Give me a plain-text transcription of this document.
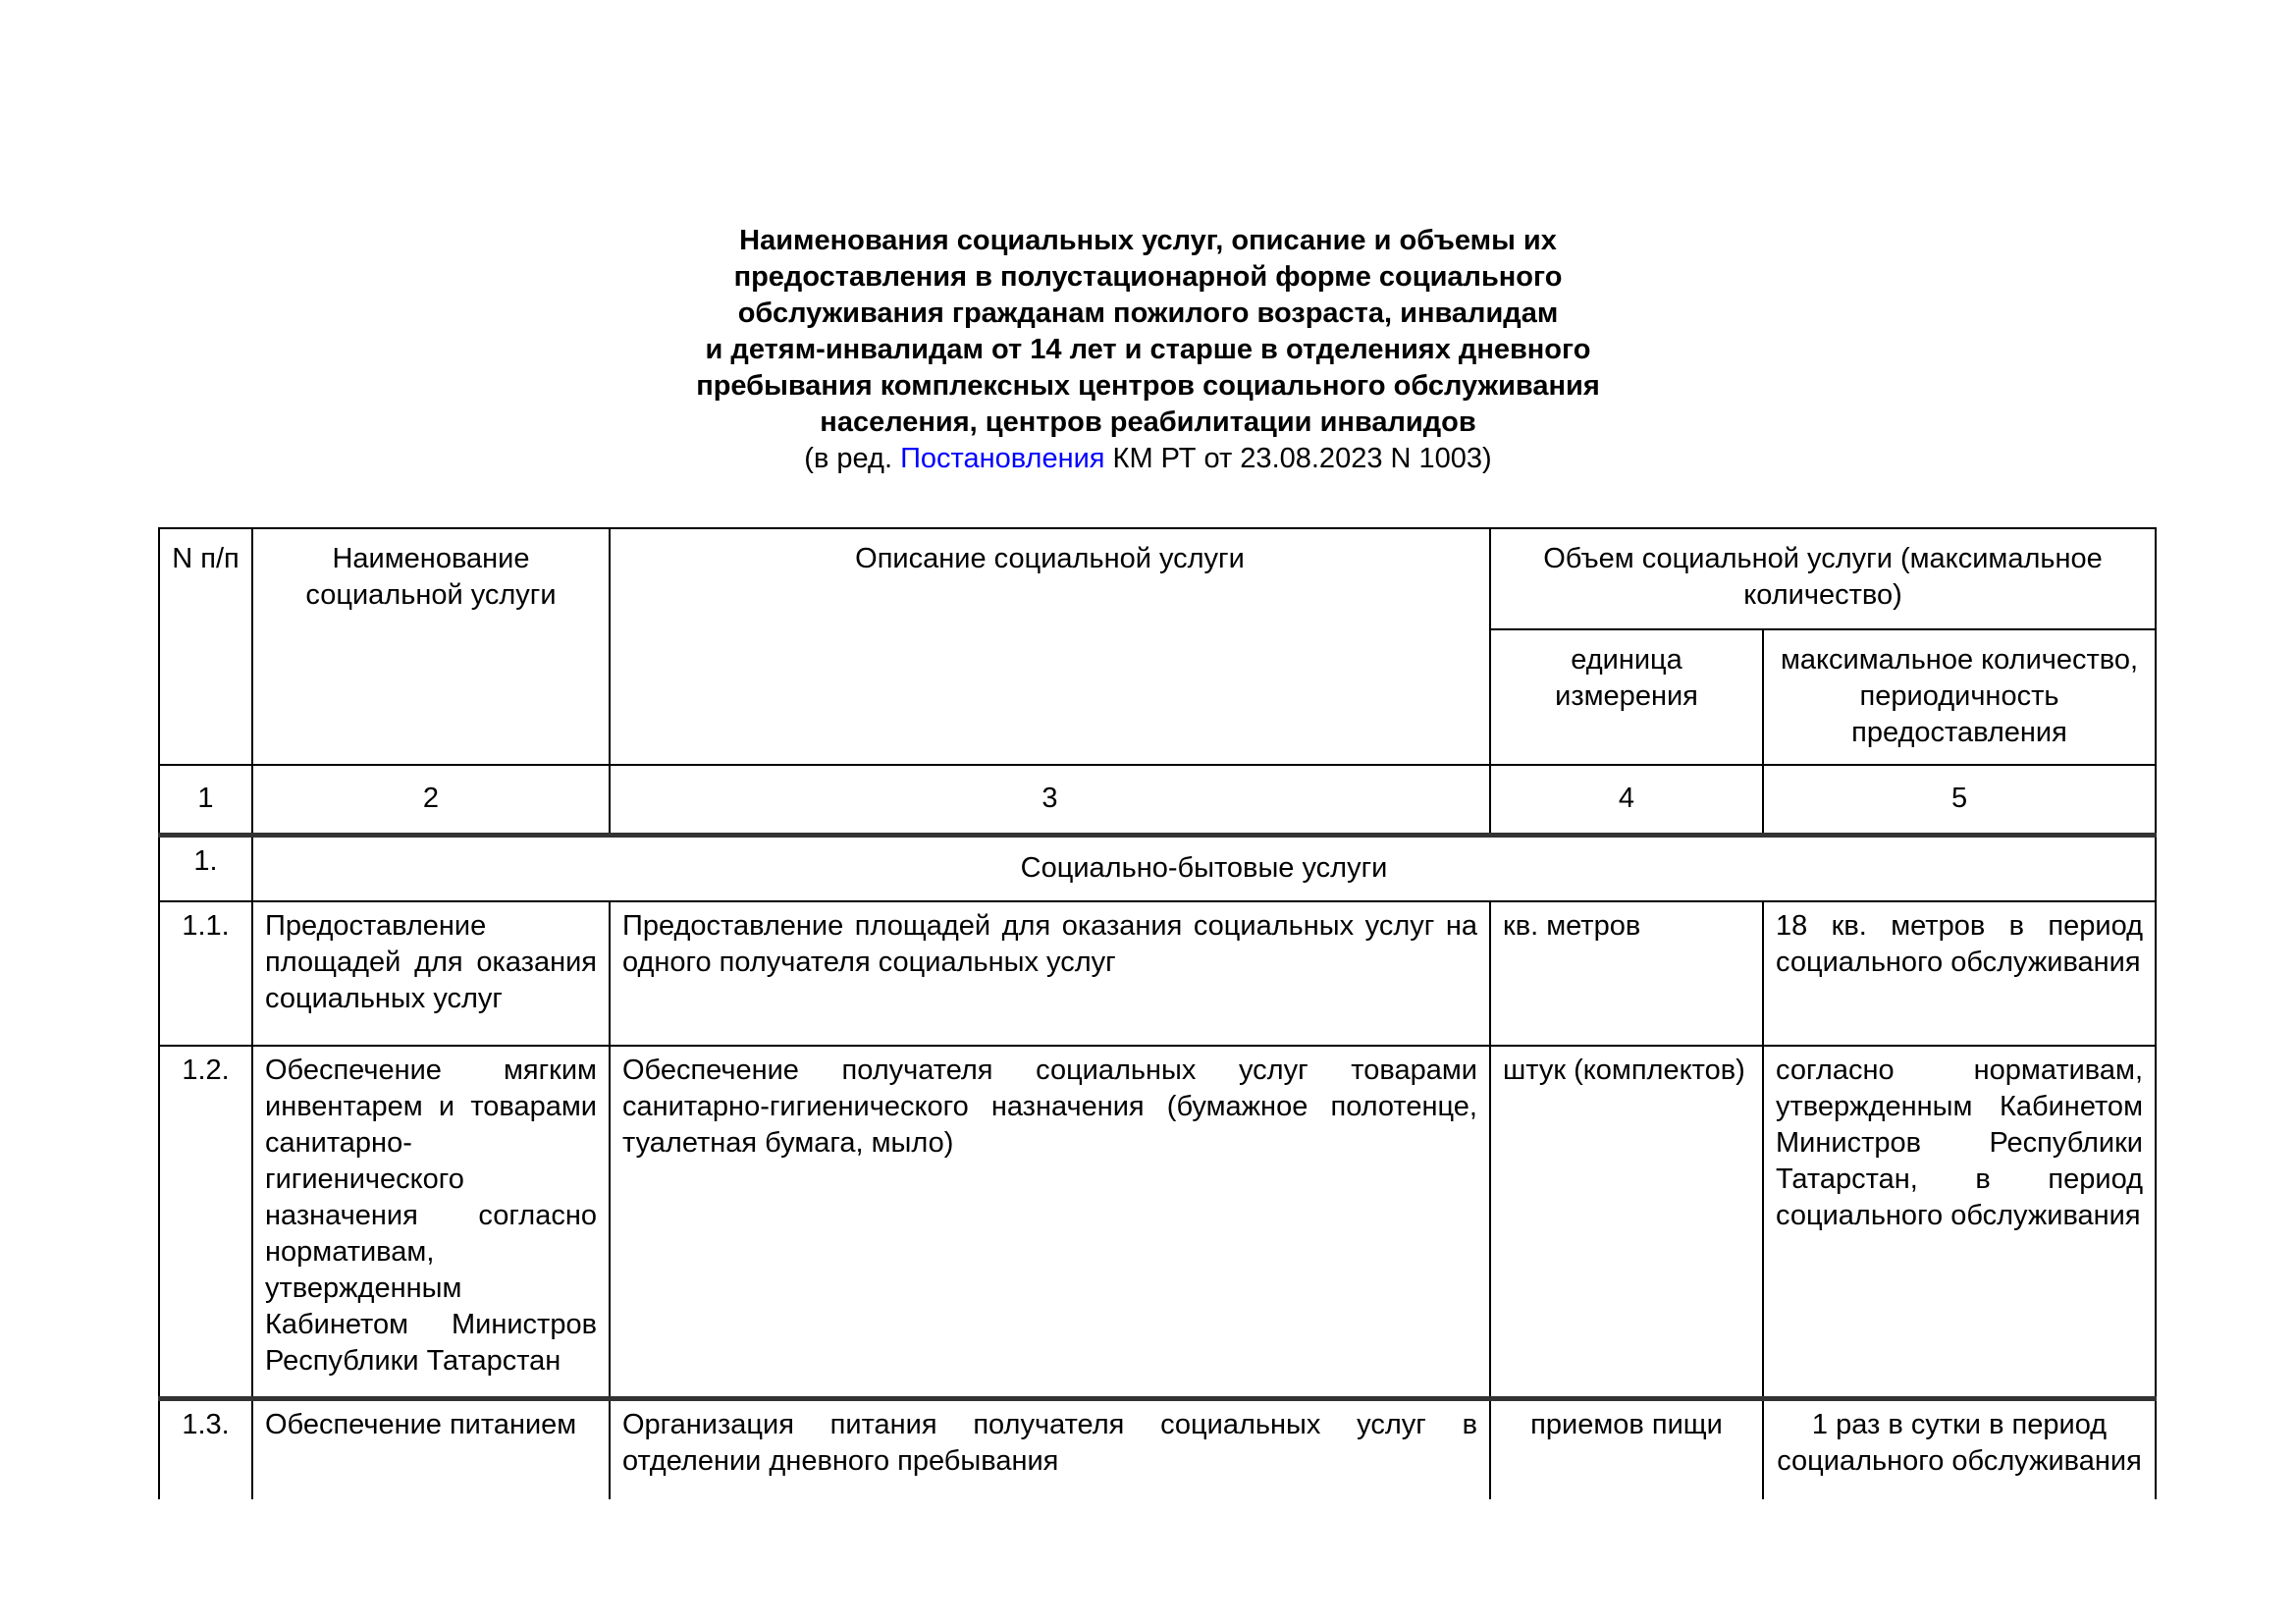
Наименования социальных услуг, описание и объемы их
предоставления в полустационарной форме социального
обслуживания гражданам пожилого возраста, инвалидам
и детям-инвалидам от 14 лет и старше в отделениях дневного
пребывания комплексных центров социального обслуживания
населения, центров реабилитации инвалидов
(в ред. Постановления КМ РТ от 23.08.2023 N 1003)
N п/п	Наименование социальной услуги	Описание социальной услуги	Объем социальной услуги (максимальное количество)	
			единица измерения	максимальное количество, периодичность предоставления
1	2	3	4	5
1.	Социально-бытовые услуги			
1.1.	Предоставление площадей для оказания социальных услуг	Предоставление площадей для оказания социальных услуг на одного получателя социальных услуг	кв. метров	18 кв. метров в период социального обслуживания
1.2.	Обеспечение мягким инвентарем и товарами санитарно-гигиенического назначения согласно нормативам, утвержденным Кабинетом Министров Республики Татарстан	Обеспечение получателя социальных услуг товарами санитарно-гигиенического назначения (бумажное полотенце, туалетная бумага, мыло)	штук (комплектов)	согласно нормативам, утвержденным Кабинетом Министров Республики Татарстан, в период социального обслуживания
1.3.	Обеспечение питанием	Организация питания получателя социальных услуг в отделении дневного пребывания	приемов пищи	1 раз в сутки в период социального обслуживания
